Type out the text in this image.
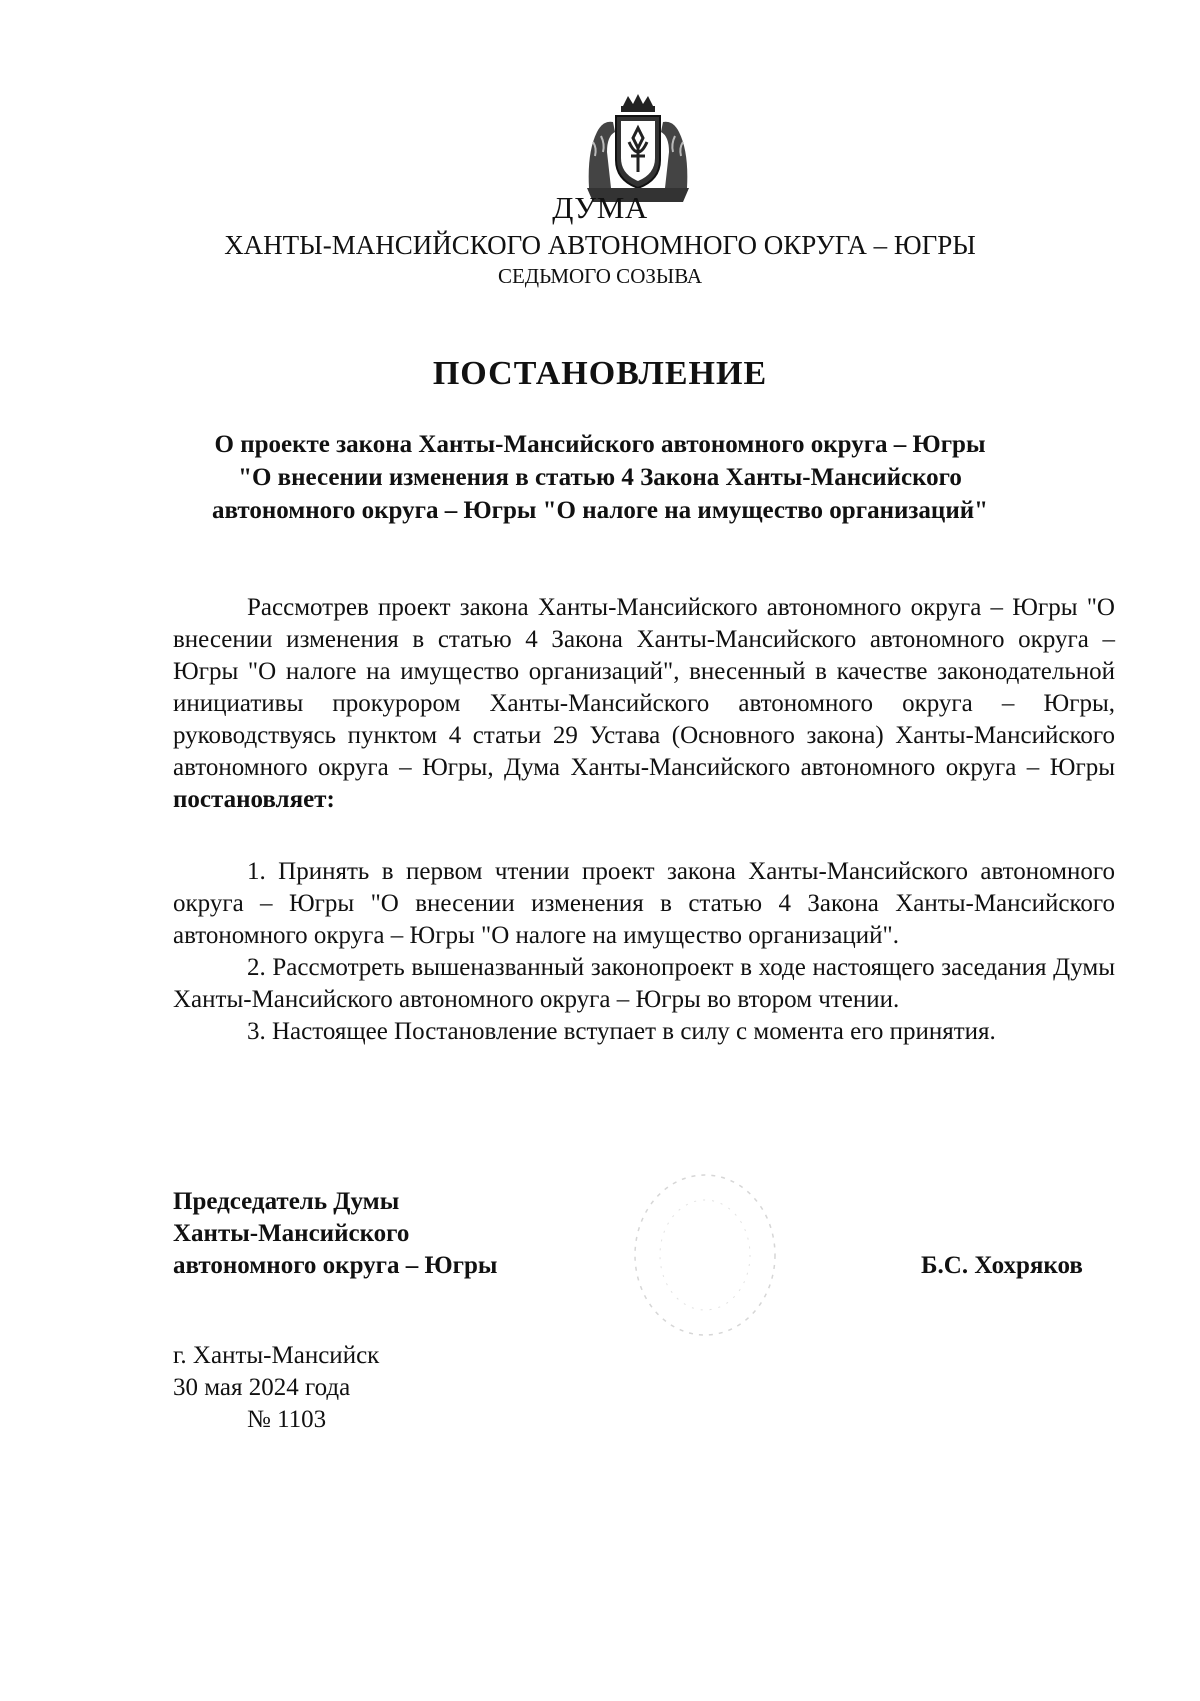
ДУМА
ХАНТЫ-МАНСИЙСКОГО АВТОНОМНОГО ОКРУГА – ЮГРЫ
СЕДЬМОГО СОЗЫВА
ПОСТАНОВЛЕНИЕ
О проекте закона Ханты-Мансийского автономного округа – Югры
"О внесении изменения в статью 4 Закона Ханты-Мансийского
автономного округа – Югры "О налоге на имущество организаций"
Рассмотрев проект закона Ханты-Мансийского автономного округа – Югры "О внесении изменения в статью 4 Закона Ханты-Мансийского автономного округа – Югры "О налоге на имущество организаций", внесенный в качестве законодательной инициативы прокурором Ханты-Мансийского автономного округа – Югры, руководствуясь пунктом 4 статьи 29 Устава (Основного закона) Ханты-Мансийского автономного округа – Югры, Дума Ханты-Мансийского автономного округа – Югры постановляет:

1. Принять в первом чтении проект закона Ханты-Мансийского автономного округа – Югры "О внесении изменения в статью 4 Закона Ханты-Мансийского автономного округа – Югры "О налоге на имущество организаций".

2. Рассмотреть вышеназванный законопроект в ходе настоящего заседания Думы Ханты-Мансийского автономного округа – Югры во втором чтении.

3. Настоящее Постановление вступает в силу с момента его принятия.

Председатель Думы
Ханты-Мансийского
автономного округа – Югры	Б.С. Хохряков
г. Ханты-Мансийск
30 мая 2024 года
№ 1103
